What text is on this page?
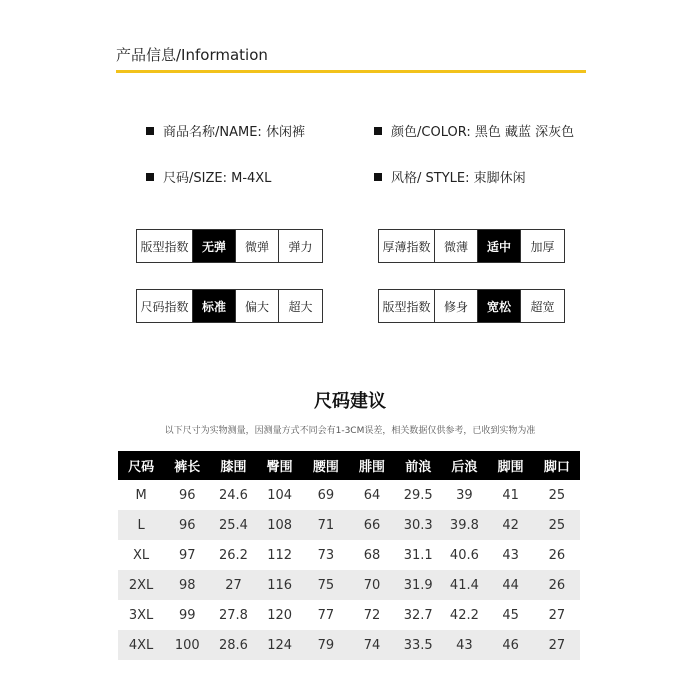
产品信息/Information
商品名称/NAME: 休闲裤	颜色/COLOR: 黑色 藏蓝 深灰色
尺码/SIZE: M-4XL	风格/ STYLE: 束脚休闲
版型指数	无弹	微弹	弹力	厚薄指数	微薄	适中	加厚
尺码指数	标准	偏大	超大	版型指数	修身	宽松	超宽
尺码建议
以下尺寸为实物测量，因测量方式不同会有1-3CM误差，相关数据仅供参考，已收到实物为准
尺码	裤长	膝围	臀围	腰围	腓围	前浪	后浪	脚围	脚口
M	96	24.6	104	69	64	29.5	39	41	25
L	96	25.4	108	71	66	30.3	39.8	42	25
XL	97	26.2	112	73	68	31.1	40.6	43	26
2XL	98	27	116	75	70	31.9	41.4	44	26
3XL	99	27.8	120	77	72	32.7	42.2	45	27
4XL	100	28.6	124	79	74	33.5	43	46	27
